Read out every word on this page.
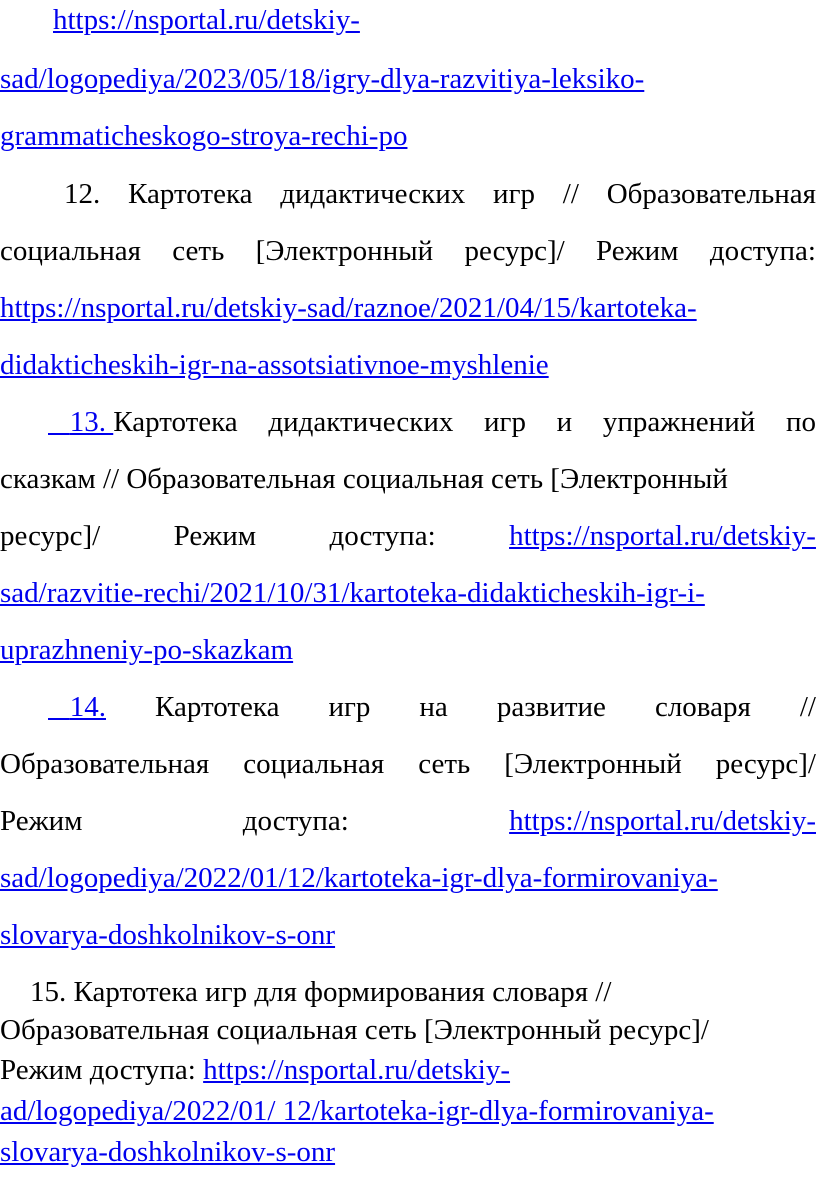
https://nsportal.ru/detskiy-
sad/logopediya/2023/05/18/igry-dlya-razvitiya-leksiko-
grammaticheskogo-stroya-rechi-po
12. Картотека дидактических игр // Образовательная
социальная сеть [Электронный ресурс]/ Режим доступа:
https://nsportal.ru/detskiy-sad/raznoe/2021/04/15/kartoteka-
didakticheskih-igr-na-assotsiativnoe-myshlenie
13. Картотека дидактических игр и упражнений по
сказкам // Образовательная социальная сеть [Электронный
ресурс]/	Режим	доступа:	https://nsportal.ru/detskiy-
sad/razvitie-rechi/2021/10/31/kartoteka-didakticheskih-igr-i-
uprazhneniy-po-skazkam
14. Картотека игр на развитие словаря //
Образовательная социальная сеть [Электронный ресурс]/
Режим	доступа:	https://nsportal.ru/detskiy-
sad/logopediya/2022/01/12/kartoteka-igr-dlya-formirovaniya-
slovarya-doshkolnikov-s-onr
15. Картотека игр для формирования словаря //
Образовательная социальная сеть [Электронный ресурс]/
Режим доступа: https://nsportal.ru/detskiy-
ad/logopediya/2022/01/ 12/kartoteka-igr-dlya-formirovaniya-
slovarya-doshkolnikov-s-onr
